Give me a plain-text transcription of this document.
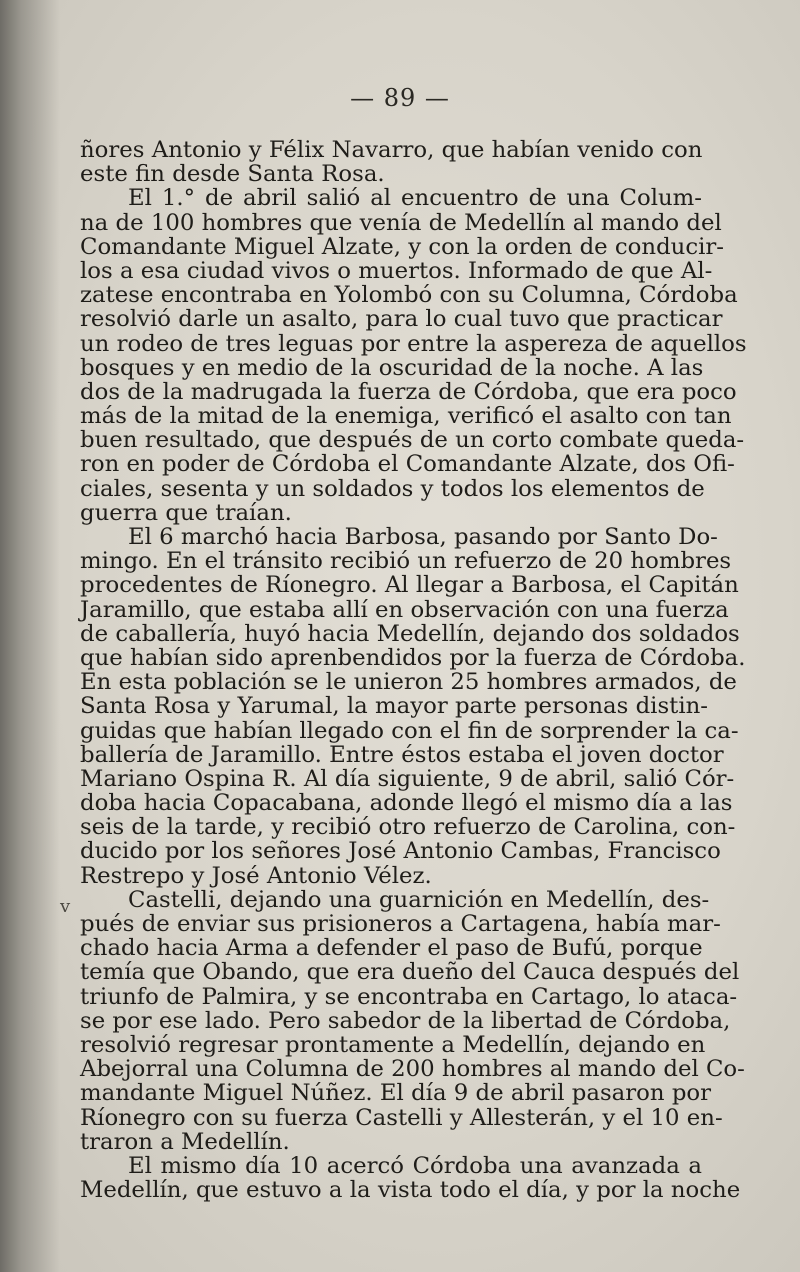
— 89 —
v
ñores Antonio y Félix Navarro, que habían venido con
este fin desde Santa Rosa.
El 1.° de abril salió al encuentro de una Colum-
na de 100 hombres que venía de Medellín al mando del
Comandante Miguel Alzate, y con la orden de conducir-
los a esa ciudad vivos o muertos. Informado de que Al-
zatese encontraba en Yolombó con su Columna, Córdoba
resolvió darle un asalto, para lo cual tuvo que practicar
un rodeo de tres leguas por entre la aspereza de aquellos
bosques y en medio de la oscuridad de la noche. A las
dos de la madrugada la fuerza de Córdoba, que era poco
más de la mitad de la enemiga, verificó el asalto con tan
buen resultado, que después de un corto combate queda-
ron en poder de Córdoba el Comandante Alzate, dos Ofi-
ciales, sesenta y un soldados y todos los elementos de
guerra que traían.
El 6 marchó hacia Barbosa, pasando por Santo Do-
mingo. En el tránsito recibió un refuerzo de 20 hombres
procedentes de Ríonegro. Al llegar a Barbosa, el Capitán
Jaramillo, que estaba allí en observación con una fuerza
de caballería, huyó hacia Medellín, dejando dos soldados
que habían sido aprenbendidos por la fuerza de Córdoba.
En esta población se le unieron 25 hombres armados, de
Santa Rosa y Yarumal, la mayor parte personas distin-
guidas que habían llegado con el fin de sorprender la ca-
ballería de Jaramillo. Entre éstos estaba el joven doctor
Mariano Ospina R. Al día siguiente, 9 de abril, salió Cór-
doba hacia Copacabana, adonde llegó el mismo día a las
seis de la tarde, y recibió otro refuerzo de Carolina, con-
ducido por los señores José Antonio Cambas, Francisco
Restrepo y José Antonio Vélez.
Castelli, dejando una guarnición en Medellín, des-
pués de enviar sus prisioneros a Cartagena, había mar-
chado hacia Arma a defender el paso de Bufú, porque
temía que Obando, que era dueño del Cauca después del
triunfo de Palmira, y se encontraba en Cartago, lo ataca-
se por ese lado. Pero sabedor de la libertad de Córdoba,
resolvió regresar prontamente a Medellín, dejando en
Abejorral una Columna de 200 hombres al mando del Co-
mandante Miguel Núñez. El día 9 de abril pasaron por
Ríonegro con su fuerza Castelli y Allesterán, y el 10 en-
traron a Medellín.
El mismo día 10 acercó Córdoba una avanzada a
Medellín, que estuvo a la vista todo el día, y por la noche
